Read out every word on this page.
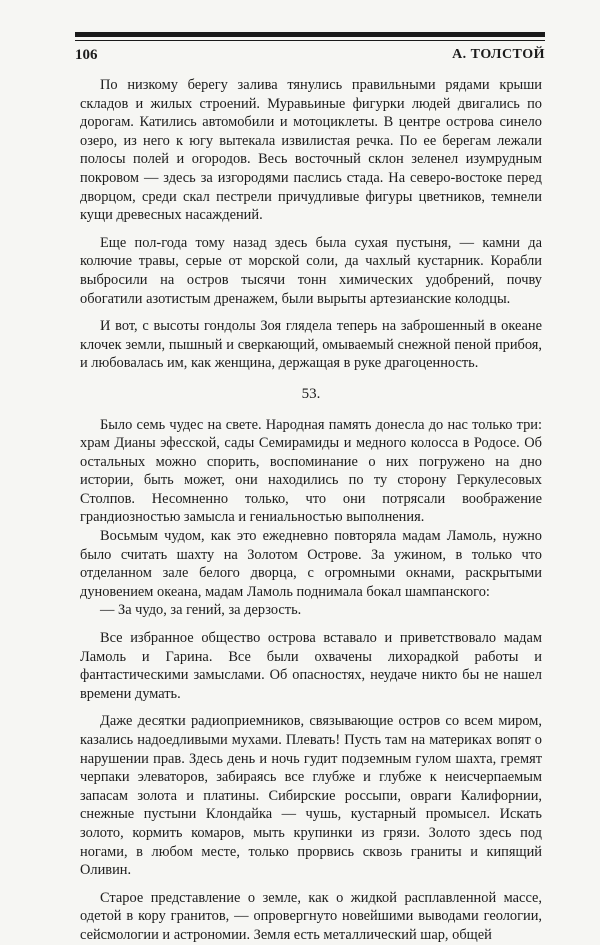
106	А. ТОЛСТОЙ

По низкому берегу залива тянулись правильными рядами крыши складов и жилых строений. Муравьиные фигурки людей двигались по дорогам. Катились автомобили и мотоциклеты. В центре острова синело озеро, из него к югу вытекала извилистая речка. По ее берегам лежали полосы полей и огородов. Весь восточный склон зеленел изумрудным покровом — здесь за изгородями паслись стада. На северо-востоке перед дворцом, среди скал пестрели причудливые фигуры цветников, темнели кущи древесных насаждений.

Еще пол-года тому назад здесь была сухая пустыня, — камни да колючие травы, серые от морской соли, да чахлый кустарник. Корабли выбросили на остров тысячи тонн химических удобрений, почву обогатили азотистым дренажем, были вырыты артезианские колодцы.

И вот, с высоты гондолы Зоя глядела теперь на заброшенный в океане клочек земли, пышный и сверкающий, омываемый снежной пеной прибоя, и любовалась им, как женщина, держащая в руке драгоценность.

53.

Было семь чудес на свете. Народная память донесла до нас только три: храм Дианы эфесской, сады Семирамиды и медного колосса в Родосе. Об остальных можно спорить, воспоминание о них погружено на дно истории, быть может, они находились по ту сторону Геркулесовых Столпов. Несомненно только, что они потрясали воображение грандиозностью замысла и гениальностью выполнения.

Восьмым чудом, как это ежедневно повторяла мадам Ламоль, нужно было считать шахту на Золотом Острове. За ужином, в только что отделанном зале белого дворца, с огромными окнами, раскрытыми дуновением океана, мадам Ламоль поднимала бокал шампанского:

— За чудо, за гений, за дерзость.

Все избранное общество острова вставало и приветствовало мадам Ламоль и Гарина. Все были охвачены лихорадкой работы и фантастическими замыслами. Об опасностях, неудаче никто бы не нашел времени думать.

Даже десятки радиоприемников, связывающие остров со всем миром, казались надоедливыми мухами. Плевать! Пусть там на материках вопят о нарушении прав. Здесь день и ночь гудит подземным гулом шахта, гремят черпаки элеваторов, забираясь все глубже и глубже к неисчерпаемым запасам золота и платины. Сибирские россыпи, овраги Калифорнии, снежные пустыни Клондайка — чушь, кустарный промысел. Искать золото, кормить комаров, мыть крупинки из грязи. Золото здесь под ногами, в любом месте, только прорвись сквозь граниты и кипящий Оливин.

Старое представление о земле, как о жидкой расплавленной массе, одетой в кору гранитов, — опровергнуто новейшими выводами геологии, сейсмологии и астрономии. Земля есть металлический шар, общей
